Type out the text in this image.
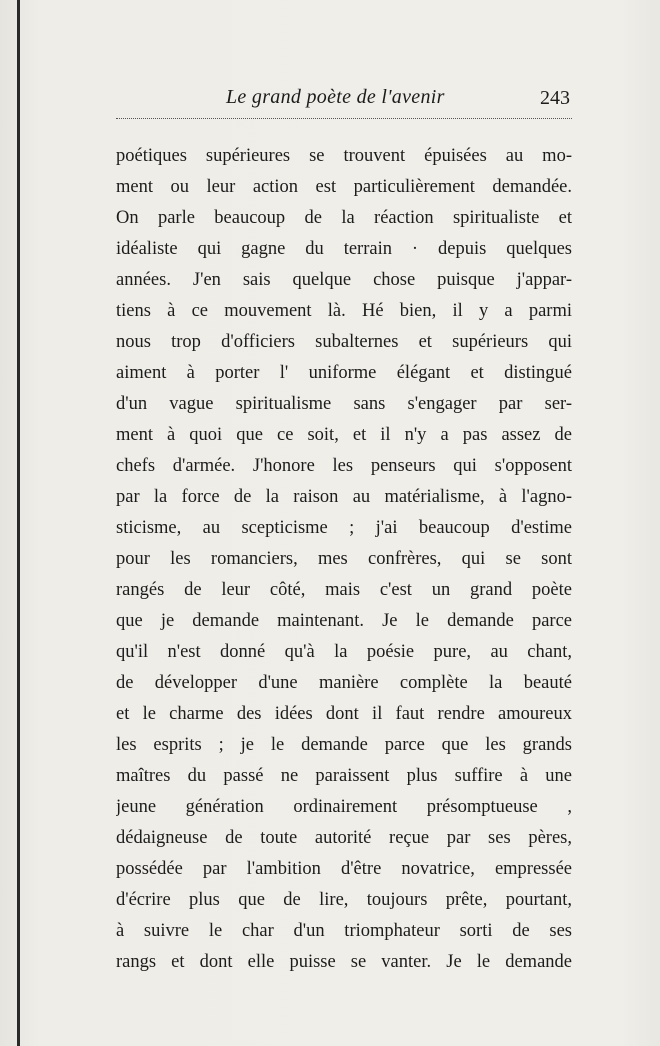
Le grand poète de l'avenir	243
poétiques supérieures se trouvent épuisées au mo-
ment ou leur action est particulièrement demandée.
On parle beaucoup de la réaction spiritualiste et
idéaliste qui gagne du terrain · depuis quelques
années. J'en sais quelque chose puisque j'appar-
tiens à ce mouvement là. Hé bien, il y a parmi
nous trop d'officiers subalternes et supérieurs qui
aiment à porter l' uniforme élégant et distingué
d'un vague spiritualisme sans s'engager par ser-
ment à quoi que ce soit, et il n'y a pas assez de
chefs d'armée. J'honore les penseurs qui s'opposent
par la force de la raison au matérialisme, à l'agno-
sticisme, au scepticisme ; j'ai beaucoup d'estime
pour les romanciers, mes confrères, qui se sont
rangés de leur côté, mais c'est un grand poète
que je demande maintenant. Je le demande parce
qu'il n'est donné qu'à la poésie pure, au chant,
de développer d'une manière complète la beauté
et le charme des idées dont il faut rendre amoureux
les esprits ; je le demande parce que les grands
maîtres du passé ne paraissent plus suffire à une
jeune génération ordinairement présomptueuse ,
dédaigneuse de toute autorité reçue par ses pères,
possédée par l'ambition d'être novatrice, empressée
d'écrire plus que de lire, toujours prête, pourtant,
à suivre le char d'un triomphateur sorti de ses
rangs et dont elle puisse se vanter. Je le demande
